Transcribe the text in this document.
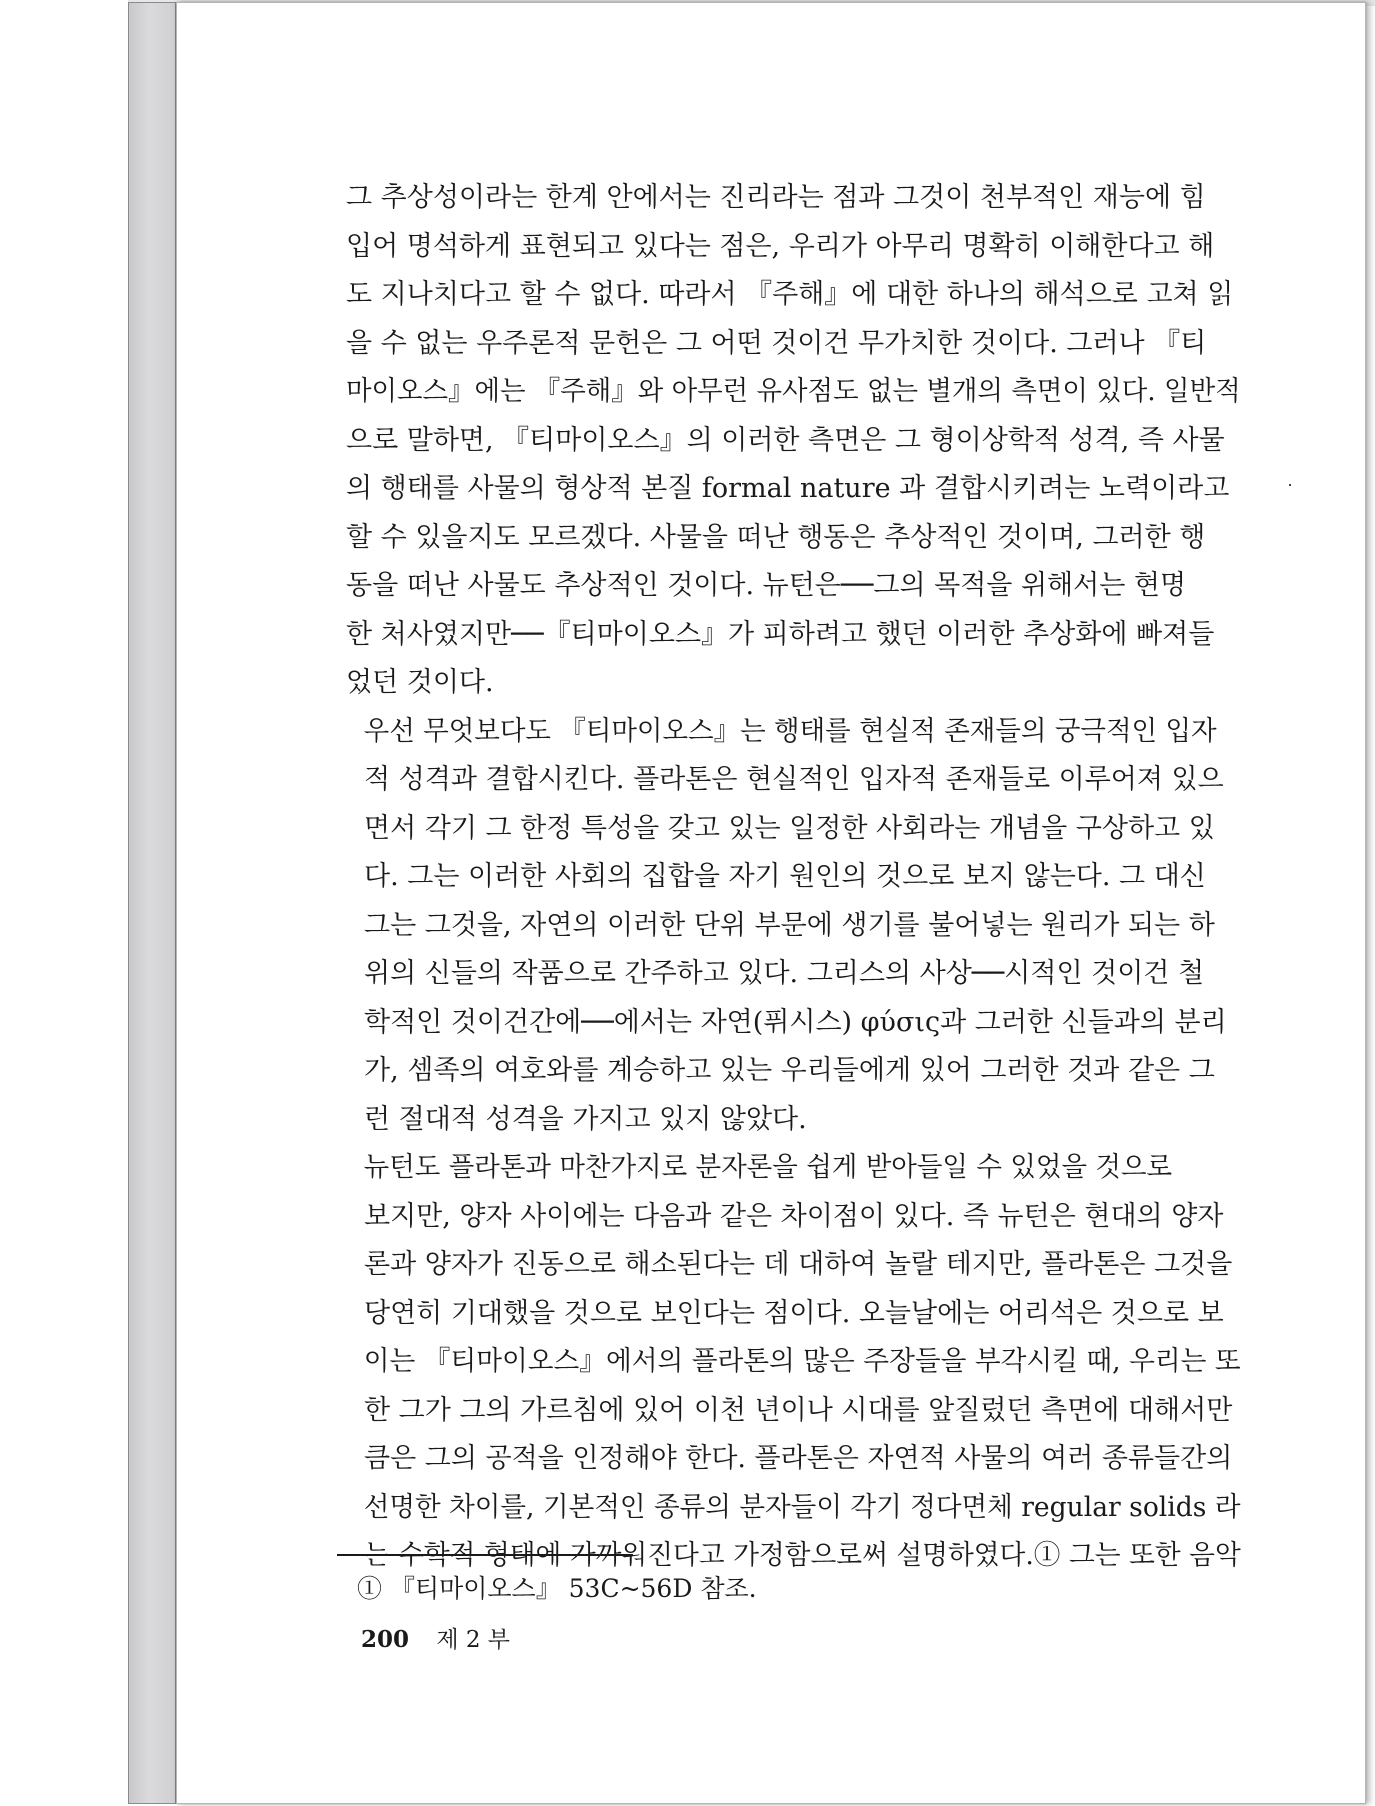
그 추상성이라는 한계 안에서는 진리라는 점과 그것이 천부적인 재능에 힘
입어 명석하게 표현되고 있다는 점은, 우리가 아무리 명확히 이해한다고 해
도 지나치다고 할 수 없다. 따라서 『주해』에 대한 하나의 해석으로 고쳐 읽
을 수 없는 우주론적 문헌은 그 어떤 것이건 무가치한 것이다. 그러나 『티
마이오스』에는 『주해』와 아무런 유사점도 없는 별개의 측면이 있다. 일반적
으로 말하면, 『티마이오스』의 이러한 측면은 그 형이상학적 성격, 즉 사물
의 행태를 사물의 형상적 본질 formal nature 과 결합시키려는 노력이라고
할 수 있을지도 모르겠다. 사물을 떠난 행동은 추상적인 것이며, 그러한 행
동을 떠난 사물도 추상적인 것이다. 뉴턴은──그의 목적을 위해서는 현명
한 처사였지만──『티마이오스』가 피하려고 했던 이러한 추상화에 빠져들
었던 것이다.

우선 무엇보다도 『티마이오스』는 행태를 현실적 존재들의 궁극적인 입자
적 성격과 결합시킨다. 플라톤은 현실적인 입자적 존재들로 이루어져 있으
면서 각기 그 한정 특성을 갖고 있는 일정한 사회라는 개념을 구상하고 있
다. 그는 이러한 사회의 집합을 자기 원인의 것으로 보지 않는다. 그 대신
그는 그것을, 자연의 이러한 단위 부문에 생기를 불어넣는 원리가 되는 하
위의 신들의 작품으로 간주하고 있다. 그리스의 사상──시적인 것이건 철
학적인 것이건간에──에서는 자연(퓌시스) φύσις과 그러한 신들과의 분리
가, 셈족의 여호와를 계승하고 있는 우리들에게 있어 그러한 것과 같은 그
런 절대적 성격을 가지고 있지 않았다.

뉴턴도 플라톤과 마찬가지로 분자론을 쉽게 받아들일 수 있었을 것으로
보지만, 양자 사이에는 다음과 같은 차이점이 있다. 즉 뉴턴은 현대의 양자
론과 양자가 진동으로 해소된다는 데 대하여 놀랄 테지만, 플라톤은 그것을
당연히 기대했을 것으로 보인다는 점이다. 오늘날에는 어리석은 것으로 보
이는 『티마이오스』에서의 플라톤의 많은 주장들을 부각시킬 때, 우리는 또
한 그가 그의 가르침에 있어 이천 년이나 시대를 앞질렀던 측면에 대해서만
큼은 그의 공적을 인정해야 한다. 플라톤은 자연적 사물의 여러 종류들간의
선명한 차이를, 기본적인 종류의 분자들이 각기 정다면체 regular solids 라
는 수학적 형태에 가까워진다고 가정함으로써 설명하였다.① 그는 또한 음악

① 『티마이오스』 53C~56D 참조.
200 제 2 부
